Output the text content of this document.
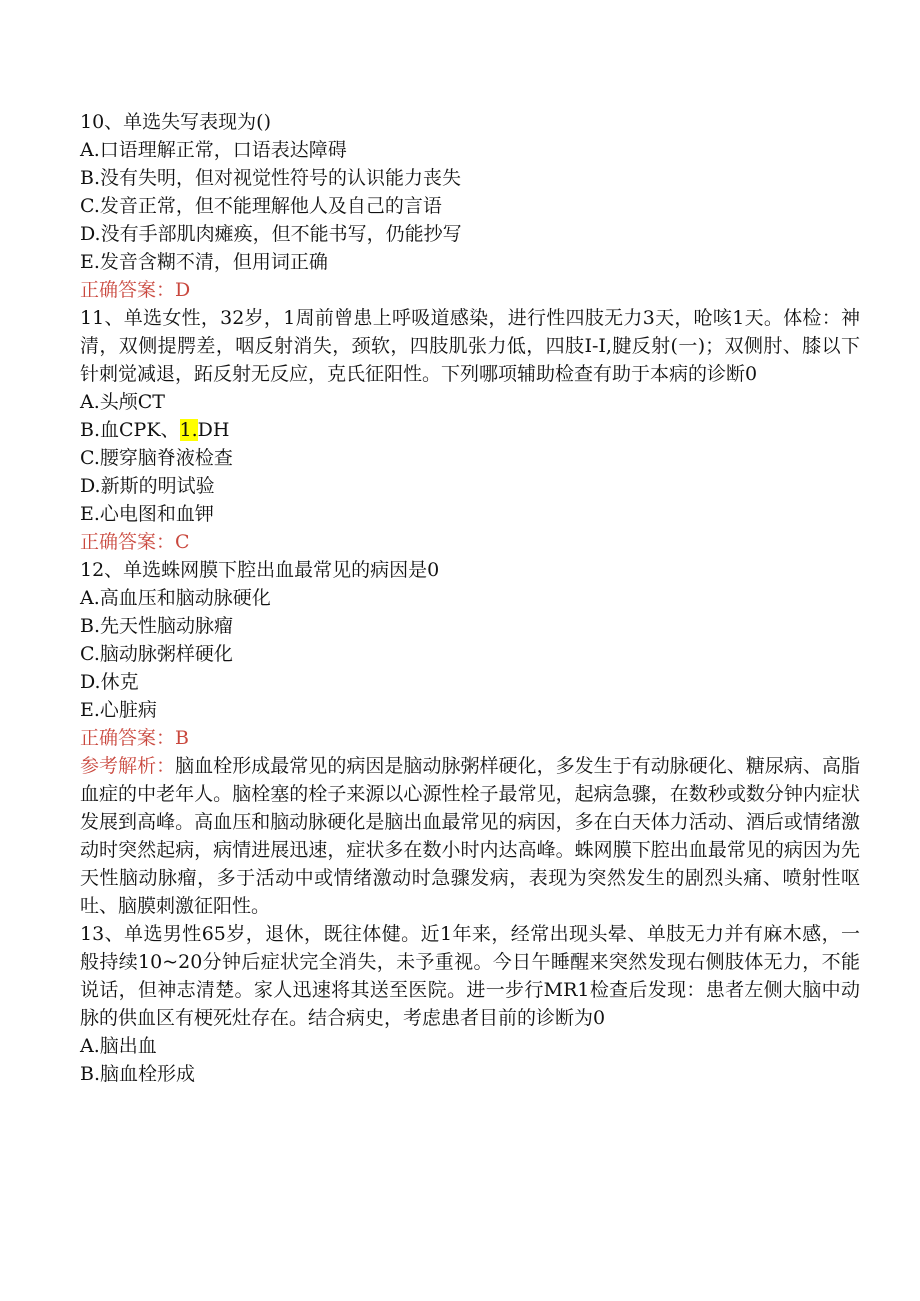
10、单选失写表现为()
A.口语理解正常，口语表达障碍
B.没有失明，但对视觉性符号的认识能力丧失
C.发音正常，但不能理解他人及自己的言语
D.没有手部肌肉瘫痪，但不能书写，仍能抄写
E.发音含糊不清，但用词正确
正确答案：D
11、单选女性，32岁，1周前曾患上呼吸道感染，进行性四肢无力3天，呛咳1天。体检：神清，双侧提腭差，咽反射消失，颈软，四肢肌张力低，四肢I-I,腱反射(一)；双侧肘、膝以下针刺觉减退，跖反射无反应，克氏征阳性。下列哪项辅助检查有助于本病的诊断0
A.头颅CT
B.血CPK、1.DH
C.腰穿脑脊液检查
D.新斯的明试验
E.心电图和血钾
正确答案：C
12、单选蛛网膜下腔出血最常见的病因是0
A.高血压和脑动脉硬化
B.先天性脑动脉瘤
C.脑动脉粥样硬化
D.休克
E.心脏病
正确答案：B
参考解析：脑血栓形成最常见的病因是脑动脉粥样硬化，多发生于有动脉硬化、糖尿病、高脂血症的中老年人。脑栓塞的栓子来源以心源性栓子最常见，起病急骤，在数秒或数分钟内症状发展到高峰。高血压和脑动脉硬化是脑出血最常见的病因，多在白天体力活动、酒后或情绪激动时突然起病，病情进展迅速，症状多在数小时内达高峰。蛛网膜下腔出血最常见的病因为先天性脑动脉瘤，多于活动中或情绪激动时急骤发病，表现为突然发生的剧烈头痛、喷射性呕吐、脑膜刺激征阳性。
13、单选男性65岁，退休，既往体健。近1年来，经常出现头晕、单肢无力并有麻木感，一般持续10~20分钟后症状完全消失，未予重视。今日午睡醒来突然发现右侧肢体无力，不能说话，但神志清楚。家人迅速将其送至医院。进一步行MR1检查后发现：患者左侧大脑中动脉的供血区有梗死灶存在。结合病史，考虑患者目前的诊断为0
A.脑出血
B.脑血栓形成
